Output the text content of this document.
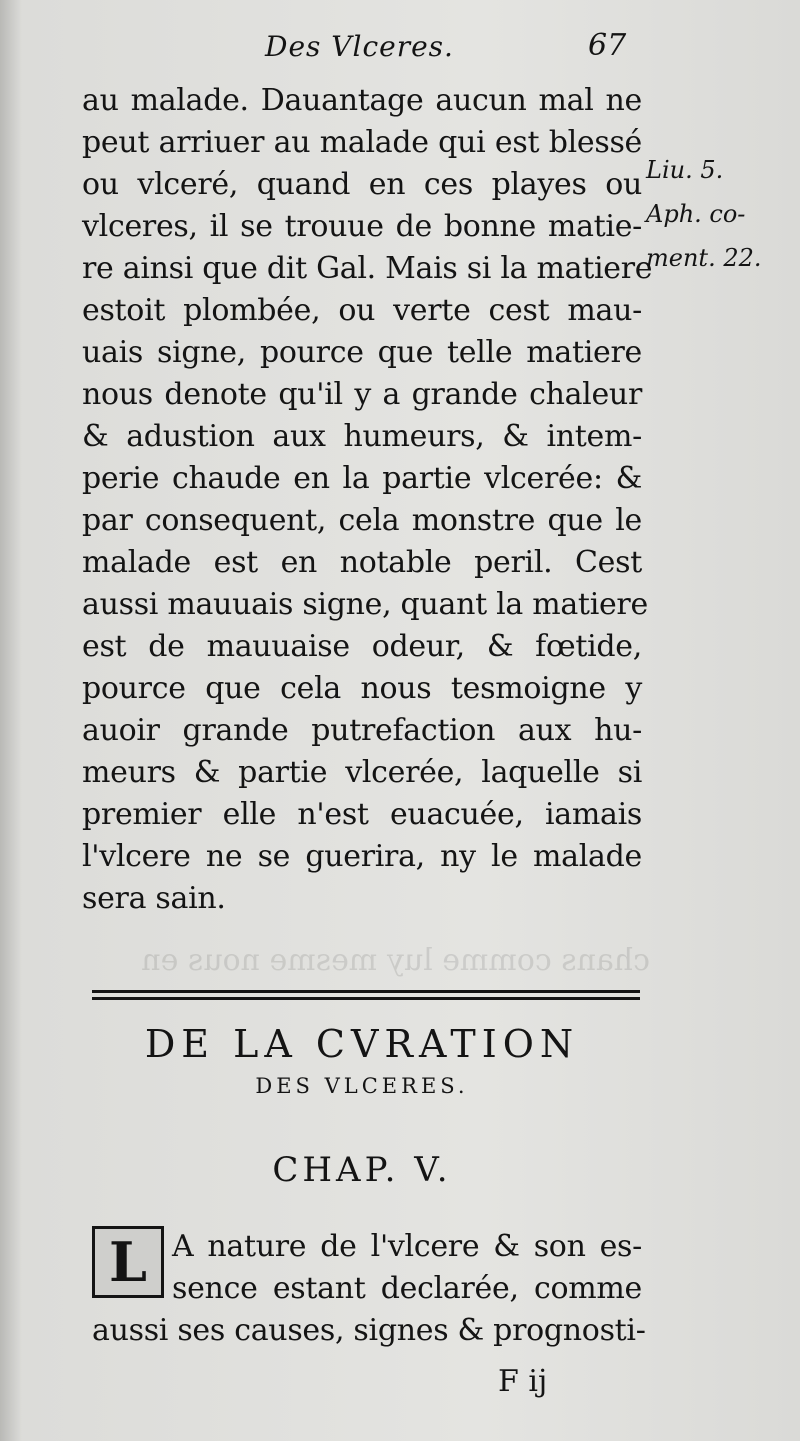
chans comme luy mesme nous en
Des Vlceres.	67
au malade. Dauantage aucun mal ne
peut arriuer au malade qui est blessé
ou vlceré, quand en ces playes ou
vlceres, il se trouue de bonne matie-
re ainsi que dit Gal. Mais si la matiere
estoit plombée, ou verte cest mau-
uais signe, pource que telle matiere
nous denote qu'il y a grande chaleur
& adustion aux humeurs, & intem-
perie chaude en la partie vlcerée: &
par consequent, cela monstre que le
malade est en notable peril. Cest
aussi mauuais signe, quant la matiere
est de mauuaise odeur, & fœtide,
pource que cela nous tesmoigne y
auoir grande putrefaction aux hu-
meurs & partie vlcerée, laquelle si
premier elle n'est euacuée, iamais
l'vlcere ne se guerira, ny le malade
sera sain.
Liu. 5.
Aph. co-
ment. 22.
DE LA CVRATION
DES VLCERES.
CHAP. V.
L A nature de l'vlcere & son es-
sence estant declarée, comme
aussi ses causes, signes & prognosti-
F ij
